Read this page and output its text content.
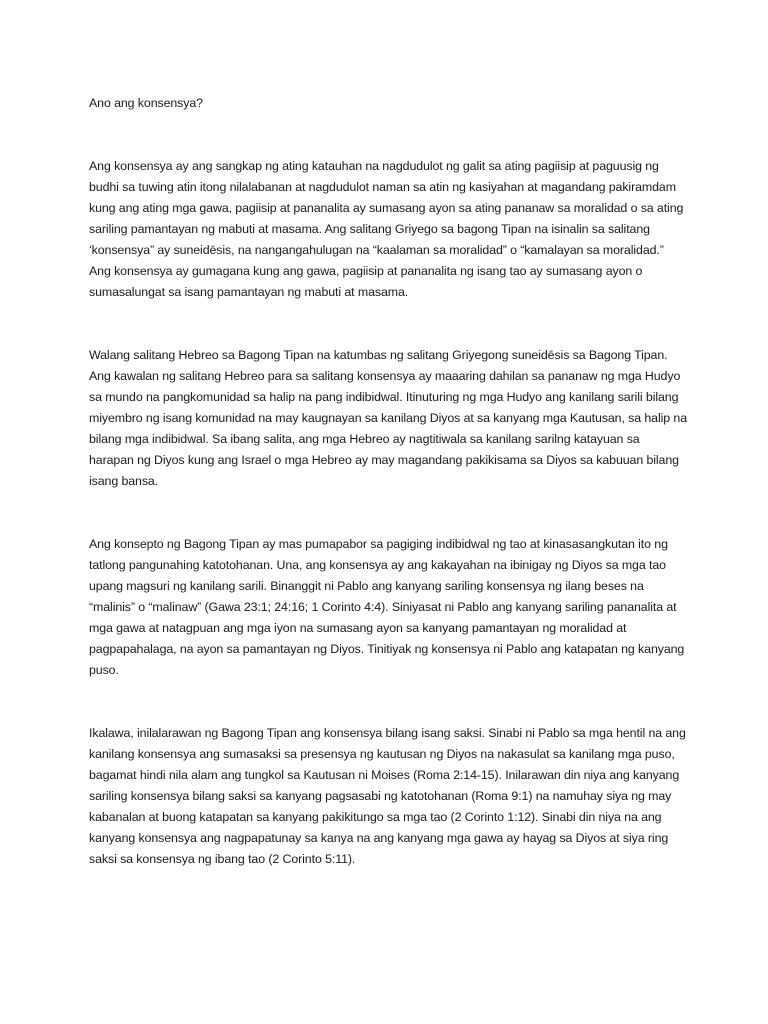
Ano ang konsensya?

Ang konsensya ay ang sangkap ng ating katauhan na nagdudulot ng galit sa ating pagiisip at paguusig ng budhi sa tuwing atin itong nilalabanan at nagdudulot naman sa atin ng kasiyahan at magandang pakiramdam kung ang ating mga gawa, pagiisip at pananalita ay sumasang ayon sa ating pananaw sa moralidad o sa ating sariling pamantayan ng mabuti at masama. Ang salitang Griyego sa bagong Tipan na isinalin sa salitang ‘konsensya” ay suneidēsis, na nangangahulugan na “kaalaman sa moralidad” o “kamalayan sa moralidad.” Ang konsensya ay gumagana kung ang gawa, pagiisip at pananalita ng isang tao ay sumasang ayon o sumasalungat sa isang pamantayan ng mabuti at masama.

Walang salitang Hebreo sa Bagong Tipan na katumbas ng salitang Griyegong suneidēsis sa Bagong Tipan. Ang kawalan ng salitang Hebreo para sa salitang konsensya ay maaaring dahilan sa pananaw ng mga Hudyo sa mundo na pangkomunidad sa halip na pang indibidwal. Itinuturing ng mga Hudyo ang kanilang sarili bilang miyembro ng isang komunidad na may kaugnayan sa kanilang Diyos at sa kanyang mga Kautusan, sa halip na bilang mga indibidwal. Sa ibang salita, ang mga Hebreo ay nagtitiwala sa kanilang sarilng katayuan sa harapan ng Diyos kung ang Israel o mga Hebreo ay may magandang pakikisama sa Diyos sa kabuuan bilang isang bansa.

Ang konsepto ng Bagong Tipan ay mas pumapabor sa pagiging indibidwal ng tao at kinasasangkutan ito ng tatlong pangunahing katotohanan. Una, ang konsensya ay ang kakayahan na ibinigay ng Diyos sa mga tao upang magsuri ng kanilang sarili. Binanggit ni Pablo ang kanyang sariling konsensya ng ilang beses na “malinis” o “malinaw” (Gawa 23:1; 24:16; 1 Corinto 4:4). Siniyasat ni Pablo ang kanyang sariling pananalita at mga gawa at natagpuan ang mga iyon na sumasang ayon sa kanyang pamantayan ng moralidad at pagpapahalaga, na ayon sa pamantayan ng Diyos. Tinitiyak ng konsensya ni Pablo ang katapatan ng kanyang puso.

Ikalawa, inilalarawan ng Bagong Tipan ang konsensya bilang isang saksi. Sinabi ni Pablo sa mga hentil na ang kanilang konsensya ang sumasaksi sa presensya ng kautusan ng Diyos na nakasulat sa kanilang mga puso, bagamat hindi nila alam ang tungkol sa Kautusan ni Moises (Roma 2:14-15). Inilarawan din niya ang kanyang sariling konsensya bilang saksi sa kanyang pagsasabi ng katotohanan (Roma 9:1) na namuhay siya ng may kabanalan at buong katapatan sa kanyang pakikitungo sa mga tao (2 Corinto 1:12). Sinabi din niya na ang kanyang konsensya ang nagpapatunay sa kanya na ang kanyang mga gawa ay hayag sa Diyos at siya ring saksi sa konsensya ng ibang tao (2 Corinto 5:11).
